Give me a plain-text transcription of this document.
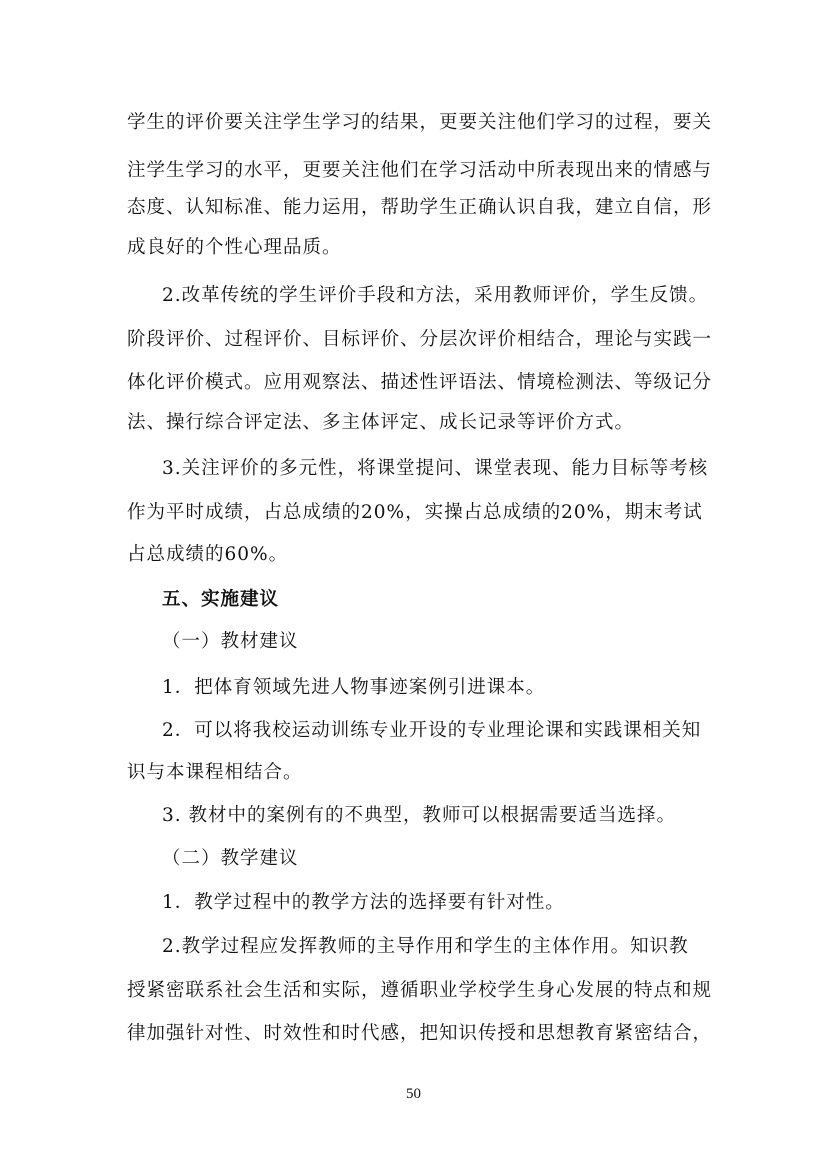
学生的评价要关注学生学习的结果，更要关注他们学习的过程，要关
注学生学习的水平，更要关注他们在学习活动中所表现出来的情感与
态度、认知标准、能力运用，帮助学生正确认识自我，建立自信，形
成良好的个性心理品质。
2.改革传统的学生评价手段和方法，采用教师评价，学生反馈。
阶段评价、过程评价、目标评价、分层次评价相结合，理论与实践一
体化评价模式。应用观察法、描述性评语法、情境检测法、等级记分
法、操行综合评定法、多主体评定、成长记录等评价方式。
3.关注评价的多元性，将课堂提问、课堂表现、能力目标等考核
作为平时成绩，占总成绩的20%，实操占总成绩的20%，期末考试
占总成绩的60%。
五、实施建议
（一）教材建议
1．把体育领域先进人物事迹案例引进课本。
2．可以将我校运动训练专业开设的专业理论课和实践课相关知
识与本课程相结合。
3. 教材中的案例有的不典型，教师可以根据需要适当选择。
（二）教学建议
1．教学过程中的教学方法的选择要有针对性。
2.教学过程应发挥教师的主导作用和学生的主体作用。知识教
授紧密联系社会生活和实际，遵循职业学校学生身心发展的特点和规
律加强针对性、时效性和时代感，把知识传授和思想教育紧密结合，
50
